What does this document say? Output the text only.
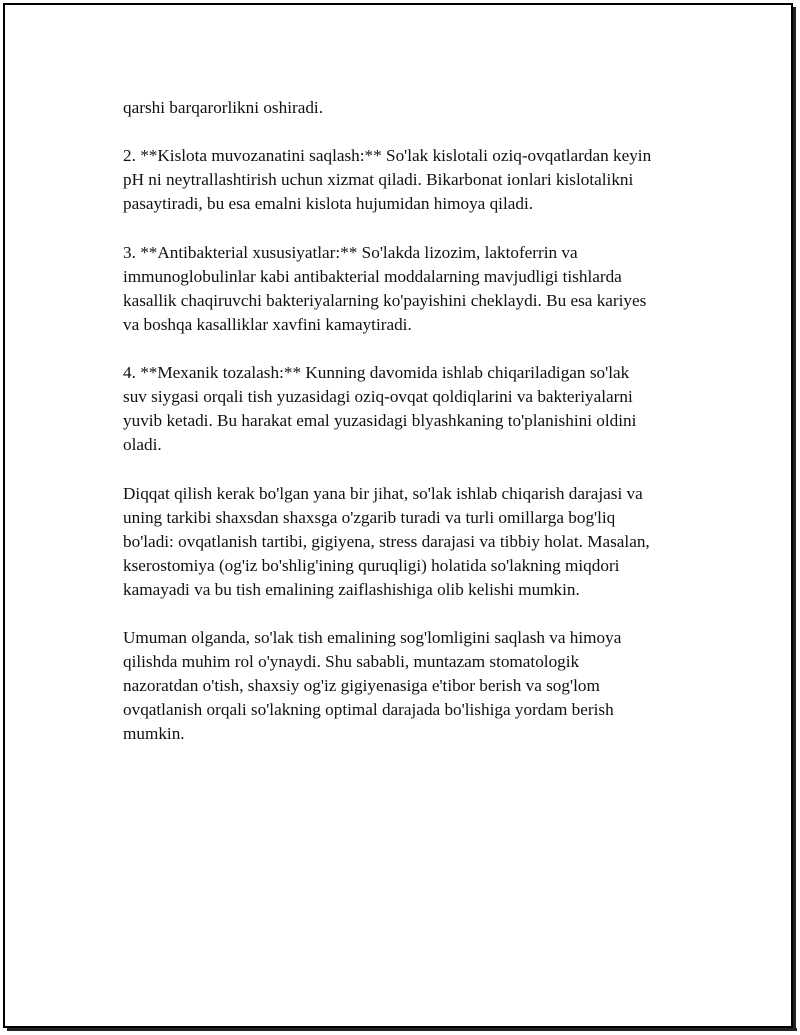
qarshi barqarorlikni oshiradi.

2. **Kislota muvozanatini saqlash:** So'lak kislotali oziq-ovqatlardan keyin
pH ni neytrallashtirish uchun xizmat qiladi. Bikarbonat ionlari kislotalikni
pasaytiradi, bu esa emalni kislota hujumidan himoya qiladi.

3. **Antibakterial xususiyatlar:** So'lakda lizozim, laktoferrin va
immunoglobulinlar kabi antibakterial moddalarning mavjudligi tishlarda
kasallik chaqiruvchi bakteriyalarning ko'payishini cheklaydi. Bu esa kariyes
va boshqa kasalliklar xavfini kamaytiradi.

4. **Mexanik tozalash:** Kunning davomida ishlab chiqariladigan so'lak
suv siygasi orqali tish yuzasidagi oziq-ovqat qoldiqlarini va bakteriyalarni
yuvib ketadi. Bu harakat emal yuzasidagi blyashkaning to'planishini oldini
oladi.

Diqqat qilish kerak bo'lgan yana bir jihat, so'lak ishlab chiqarish darajasi va
uning tarkibi shaxsdan shaxsga o'zgarib turadi va turli omillarga bog'liq
bo'ladi: ovqatlanish tartibi, gigiyena, stress darajasi va tibbiy holat. Masalan,
kserostomiya (og'iz bo'shlig'ining quruqligi) holatida so'lakning miqdori
kamayadi va bu tish emalining zaiflashishiga olib kelishi mumkin.

Umuman olganda, so'lak tish emalining sog'lomligini saqlash va himoya
qilishda muhim rol o'ynaydi. Shu sababli, muntazam stomatologik
nazoratdan o'tish, shaxsiy og'iz gigiyenasiga e'tibor berish va sog'lom
ovqatlanish orqali so'lakning optimal darajada bo'lishiga yordam berish
mumkin.
